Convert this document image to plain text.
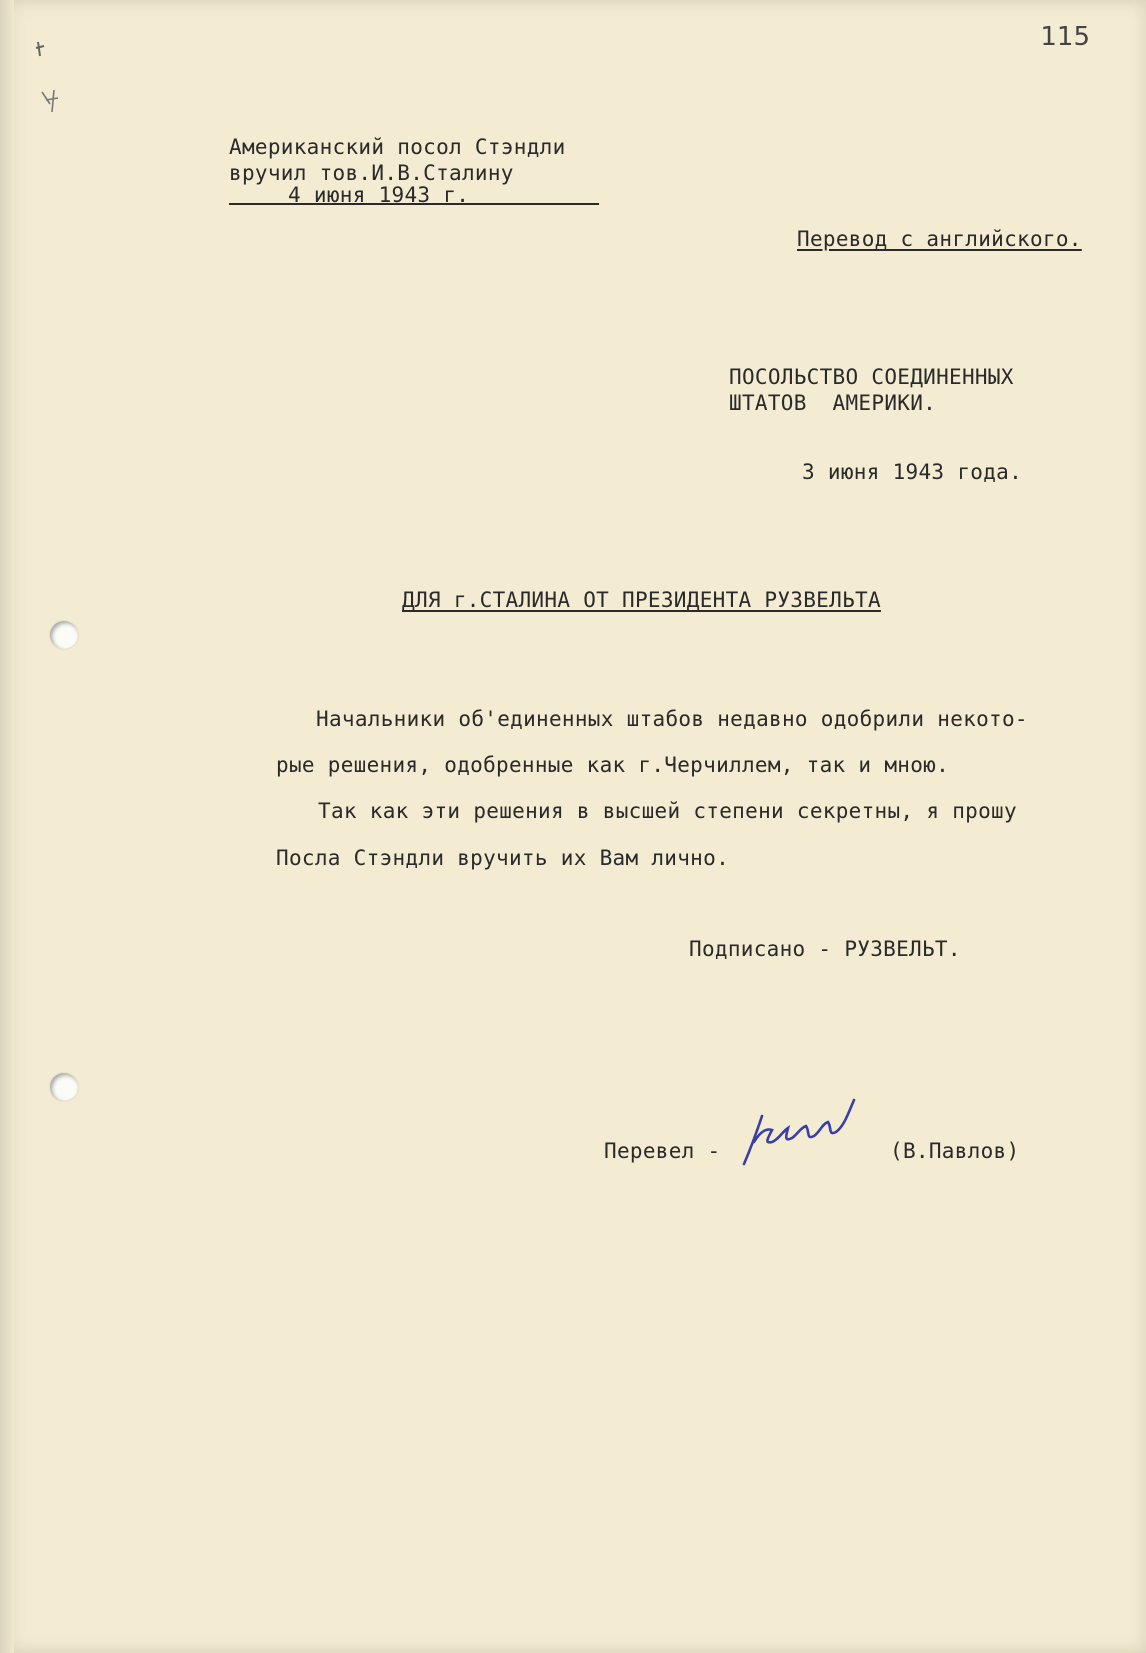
115
Американский посол Стэндли
вручил тов.И.В.Сталину
4 июня 1943 г.
Перевод с английского.
ПОСОЛЬСТВО СОЕДИНЕННЫХ
ШТАТОВ  АМЕРИКИ.
3 июня 1943 года.
ДЛЯ г.СТАЛИНА ОТ ПРЕЗИДЕНТА РУЗВЕЛЬТА
Начальники об'единенных штабов недавно одобрили некото-
рые решения, одобренные как г.Черчиллем, так и мною.
Так как эти решения в высшей степени секретны, я прошу
Посла Стэндли вручить их Вам лично.
Подписано - РУЗВЕЛЬТ.
Перевел -	(В.Павлов)
